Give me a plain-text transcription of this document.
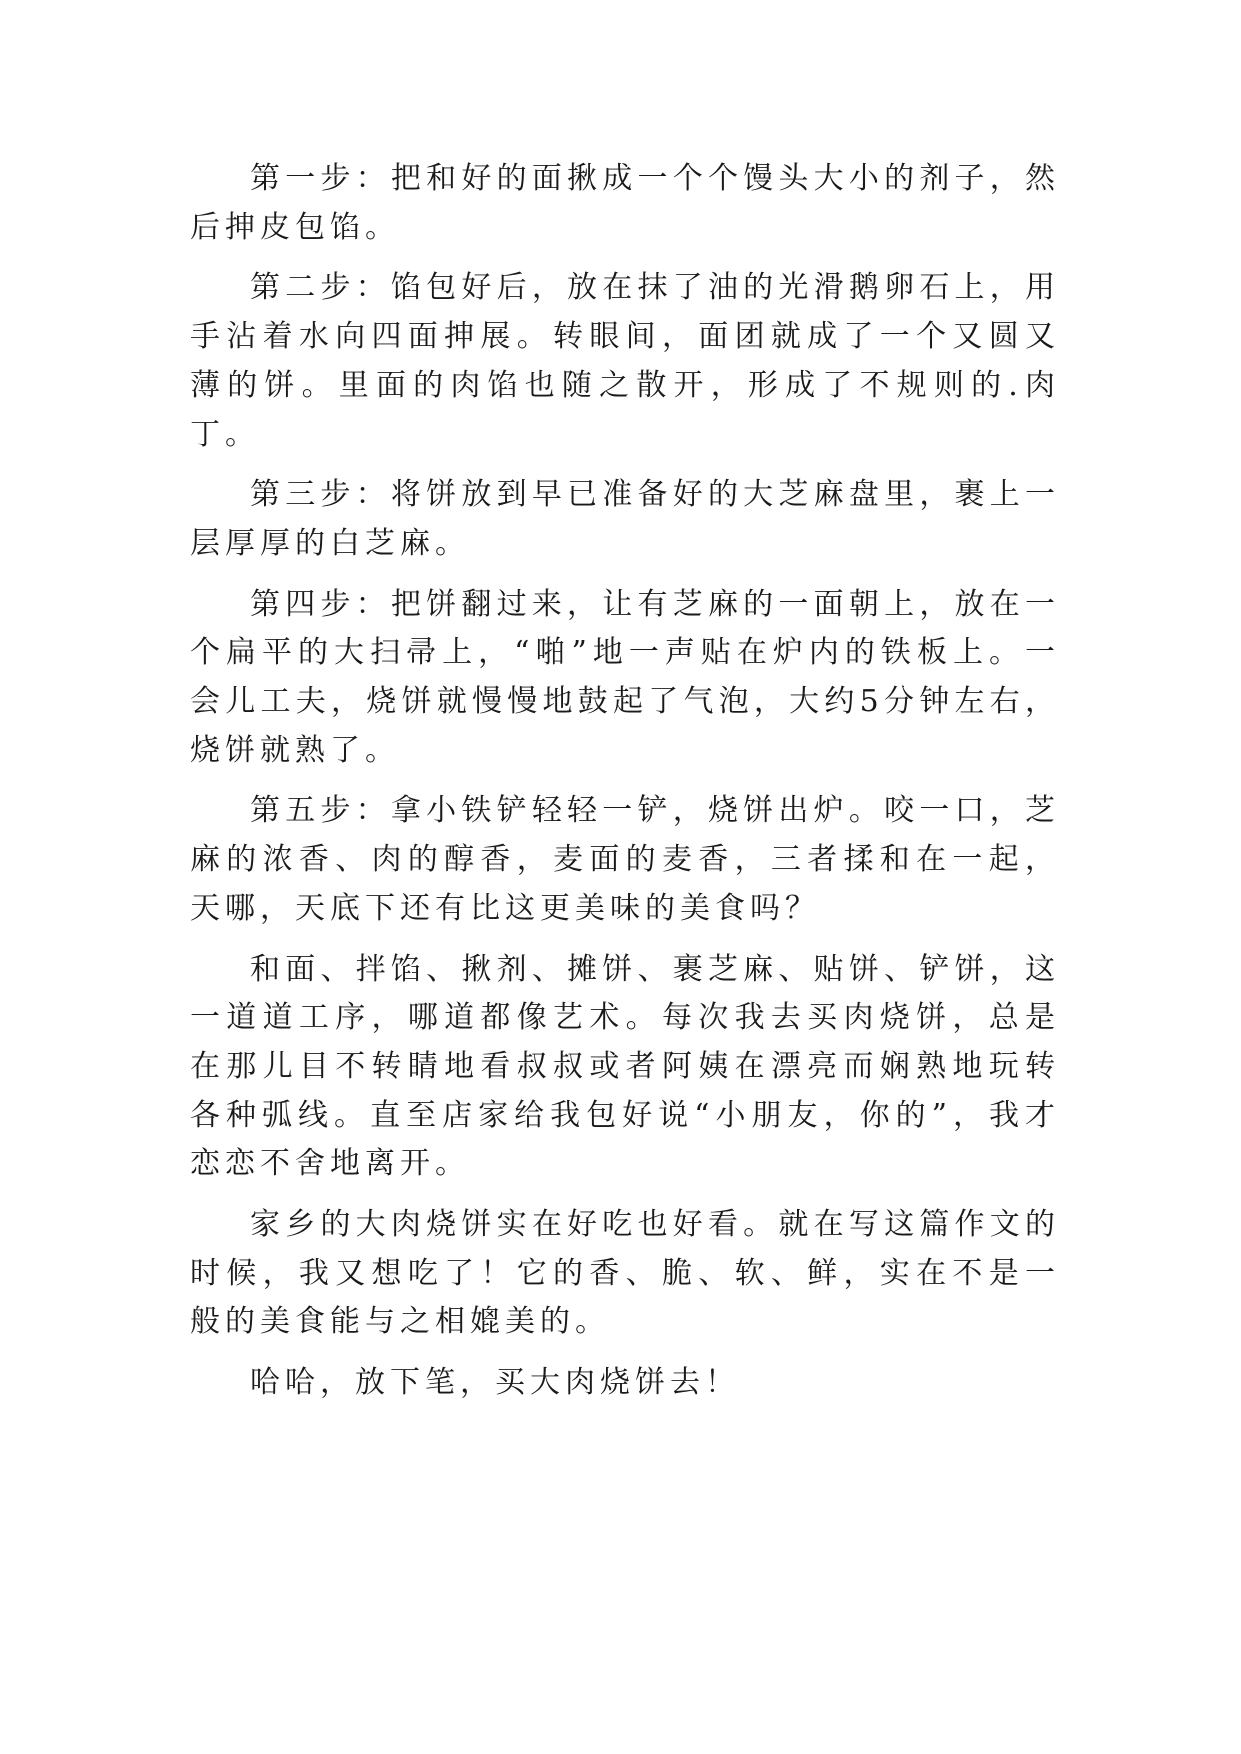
第一步：把和好的面揪成一个个馒头大小的剂子，然后抻皮包馅。

第二步：馅包好后，放在抹了油的光滑鹅卵石上，用手沾着水向四面抻展。转眼间，面团就成了一个又圆又薄的饼。里面的肉馅也随之散开，形成了不规则的.肉丁。

第三步：将饼放到早已准备好的大芝麻盘里，裹上一层厚厚的白芝麻。

第四步：把饼翻过来，让有芝麻的一面朝上，放在一个扁平的大扫帚上，“啪”地一声贴在炉内的铁板上。一会儿工夫，烧饼就慢慢地鼓起了气泡，大约5分钟左右，烧饼就熟了。

第五步：拿小铁铲轻轻一铲，烧饼出炉。咬一口，芝麻的浓香、肉的醇香，麦面的麦香，三者揉和在一起，天哪，天底下还有比这更美味的美食吗？

和面、拌馅、揪剂、摊饼、裹芝麻、贴饼、铲饼，这一道道工序，哪道都像艺术。每次我去买肉烧饼，总是在那儿目不转睛地看叔叔或者阿姨在漂亮而娴熟地玩转各种弧线。直至店家给我包好说“小朋友，你的”，我才恋恋不舍地离开。

家乡的大肉烧饼实在好吃也好看。就在写这篇作文的时候，我又想吃了！它的香、脆、软、鲜，实在不是一般的美食能与之相媲美的。

哈哈，放下笔，买大肉烧饼去！
